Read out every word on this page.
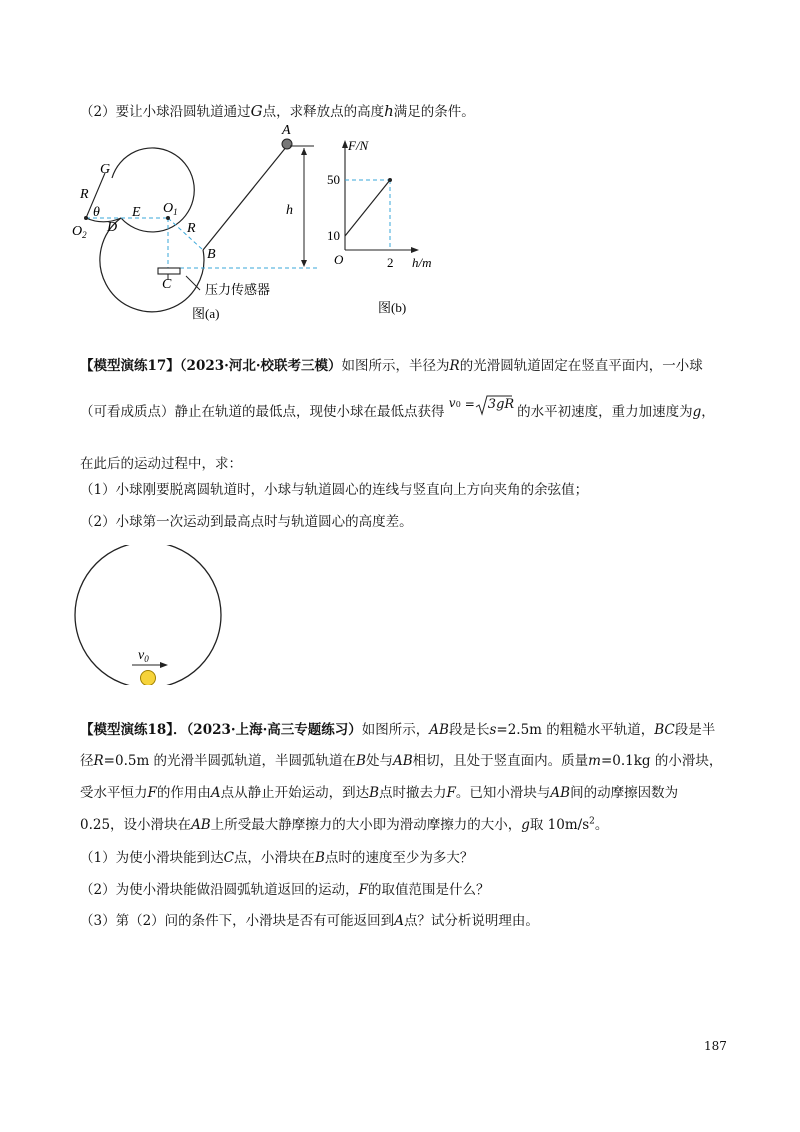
（2）要让小球沿圆轨道通过G点，求释放点的高度h满足的条件。
A
G
R
θ E $O_1$
$O_2$ D	R
B
C
h
压力传感器
图(a)
F/N
h/m
O
图(b)
10
50
2
【模型演练17】（2023·河北·校联考三模）如图所示，半径为R的光滑圆轨道固定在竖直平面内，一小球
（可看成质点）静止在轨道的最低点，现使小球在最低点获得
v 0 = 3gR 的水平初速度，重力加速度为g，
在此后的运动过程中，求：
（1）小球刚要脱离圆轨道时，小球与轨道圆心的连线与竖直向上方向夹角的余弦值；
（2）小球第一次运动到最高点时与轨道圆心的高度差。
$v_0$
【模型演练18】．（2023·上海·高三专题练习）如图所示，AB段是长s=2.5m 的粗糙水平轨道，BC段是半
径R=0.5m 的光滑半圆弧轨道，半圆弧轨道在B处与AB相切，且处于竖直面内。质量m=0.1kg 的小滑块，
受水平恒力F的作用由A点从静止开始运动，到达B点时撤去力F。已知小滑块与AB间的动摩擦因数为
0.25，设小滑块在AB上所受最大静摩擦力的大小即为滑动摩擦力的大小，g取 $10m/s^2$。
（1）为使小滑块能到达C点，小滑块在B点时的速度至少为多大？
（2）为使小滑块能做沿圆弧轨道返回的运动，F的取值范围是什么？
（3）第（2）问的条件下，小滑块是否有可能返回到A点？试分析说明理由。
187
